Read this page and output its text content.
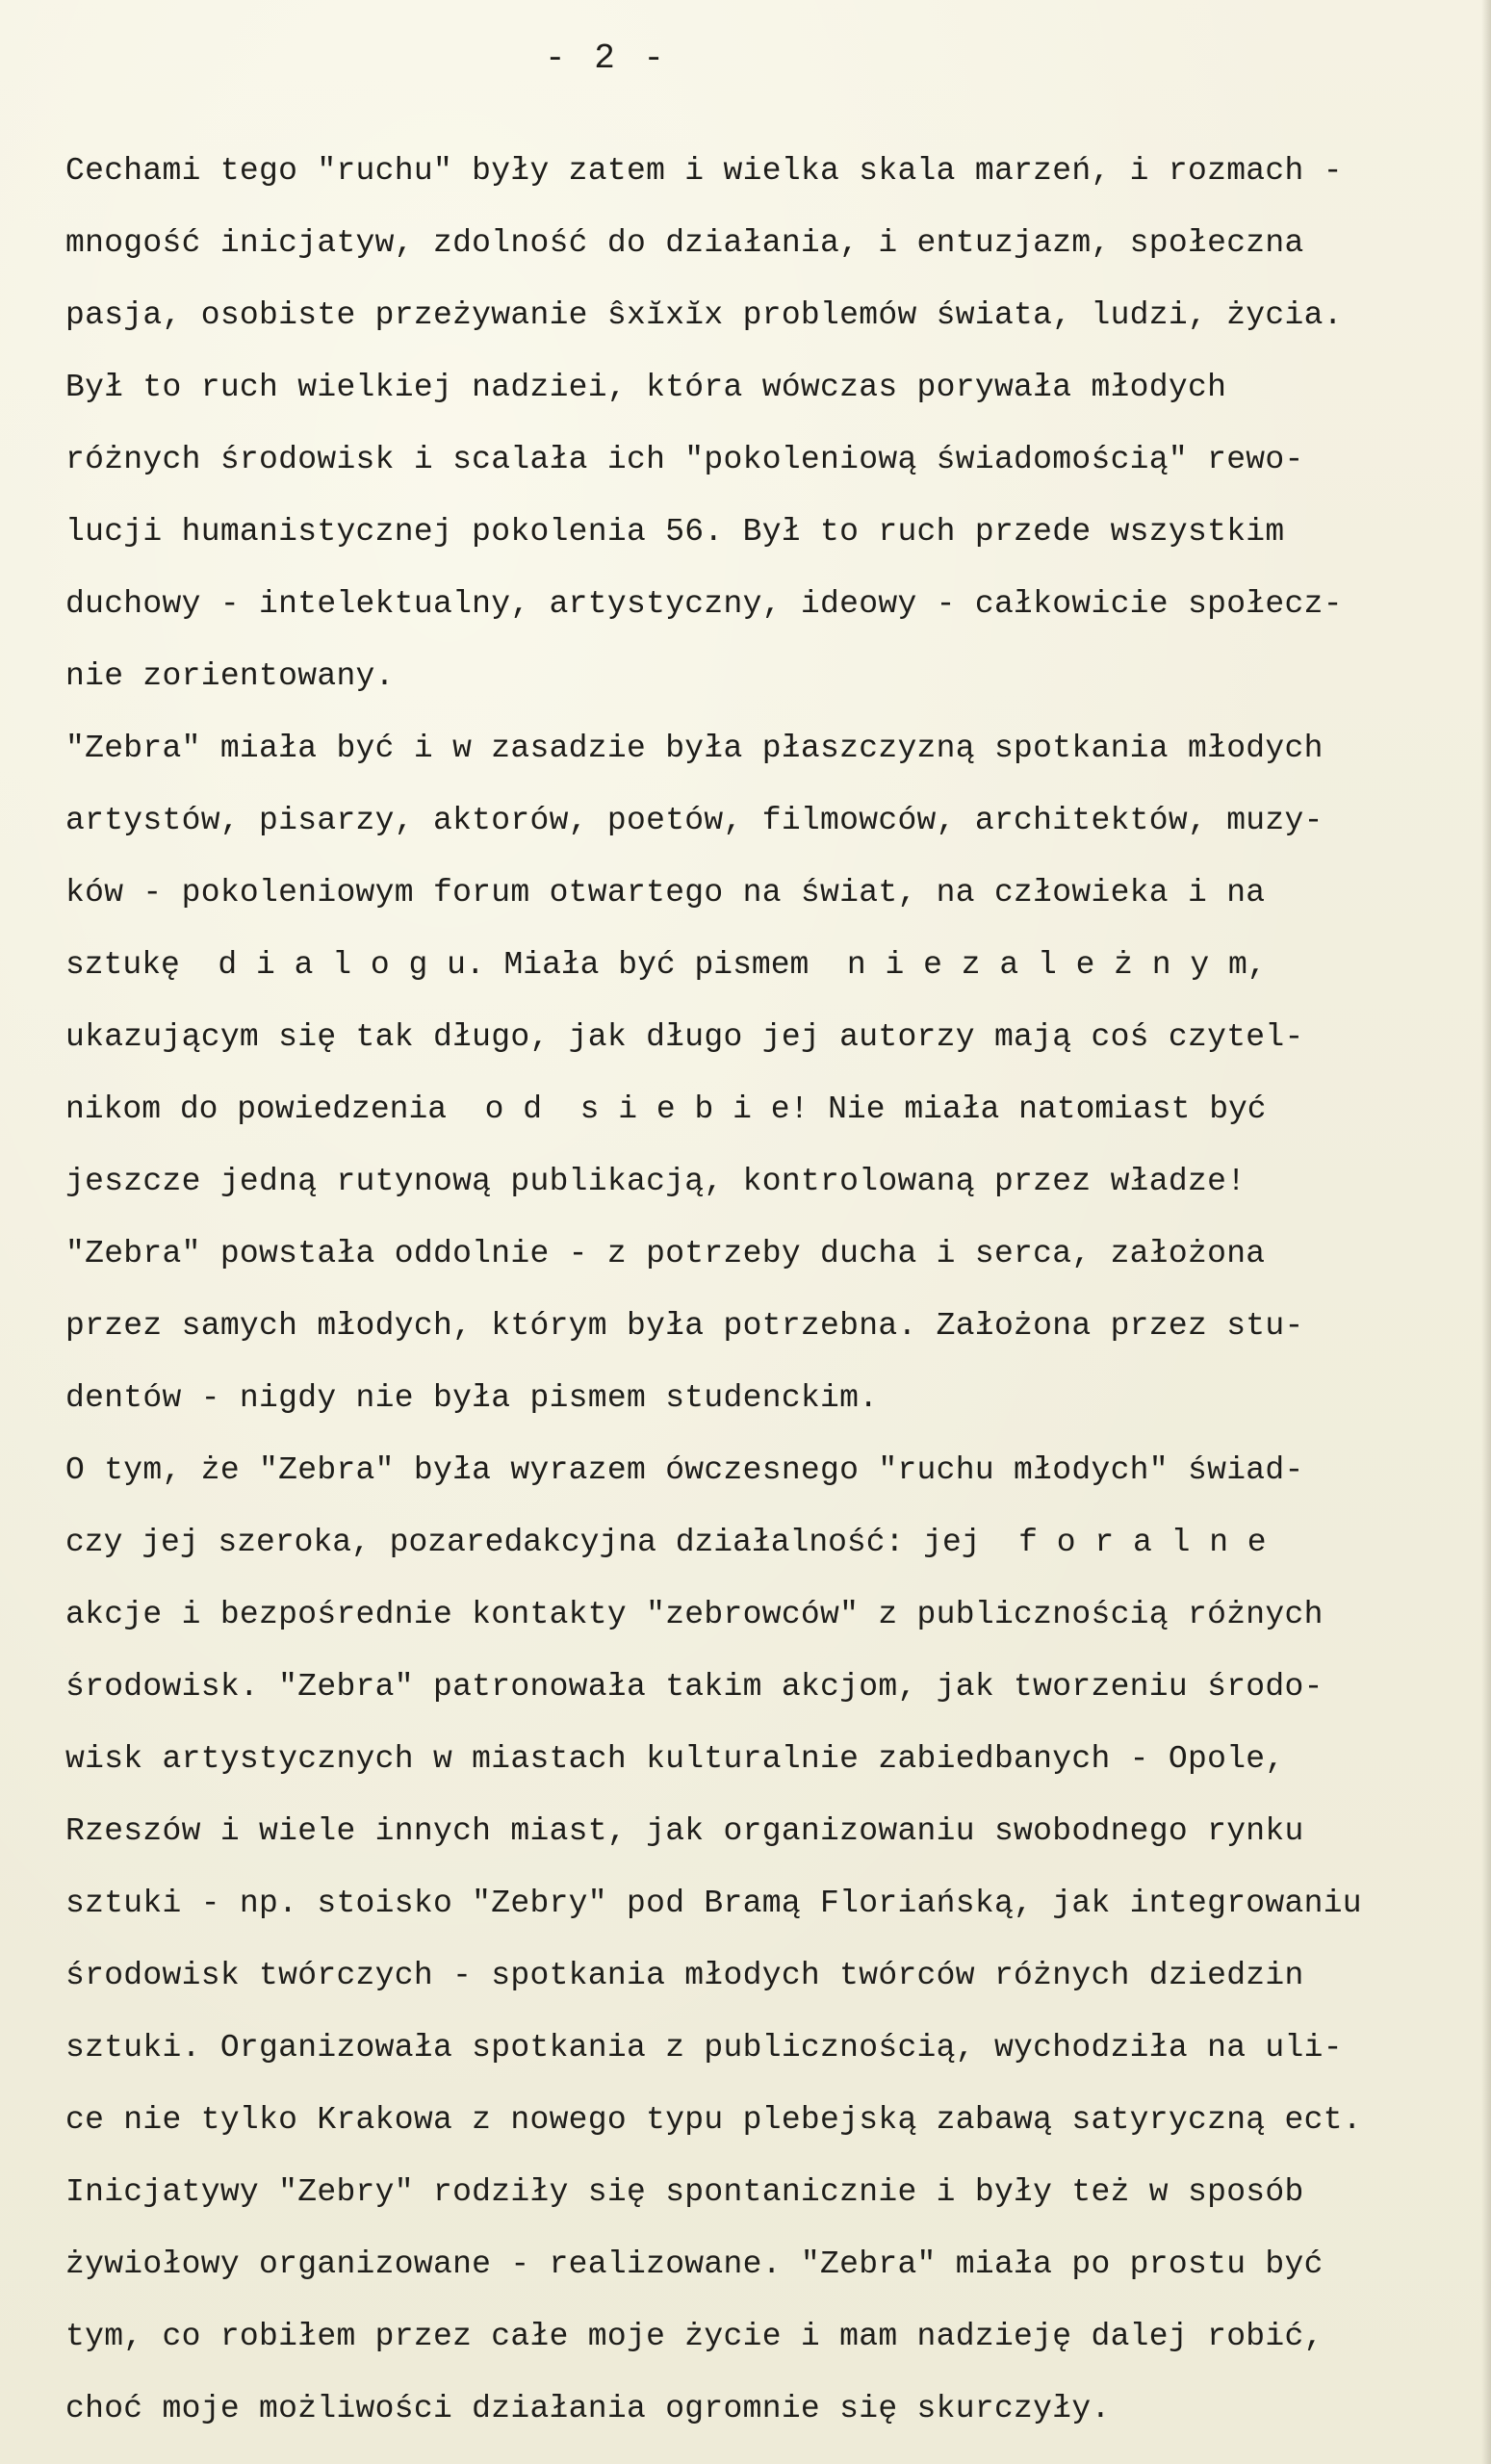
- 2 -
Cechami tego "ruchu" były zatem i wielka skala marzeń, i rozmach -
mnogość inicjatyw, zdolność do działania, i entuzjazm, społeczna
pasja, osobiste przeżywanie ŝxĭxĭx problemów świata, ludzi, życia.
Był to ruch wielkiej nadziei, która wówczas porywała młodych
różnych środowisk i scalała ich "pokoleniową świadomością" rewo-
lucji humanistycznej pokolenia 56. Był to ruch przede wszystkim
duchowy - intelektualny, artystyczny, ideowy - całkowicie społecz-
nie zorientowany.
"Zebra" miała być i w zasadzie była płaszczyzną spotkania młodych
artystów, pisarzy, aktorów, poetów, filmowców, architektów, muzy-
ków - pokoleniowym forum otwartego na świat, na człowieka i na
sztukę  d i a l o g u. Miała być pismem  n i e z a l e ż n y m,
ukazującym się tak długo, jak długo jej autorzy mają coś czytel-
nikom do powiedzenia  o d  s i e b i e! Nie miała natomiast być
jeszcze jedną rutynową publikacją, kontrolowaną przez władze!
"Zebra" powstała oddolnie - z potrzeby ducha i serca, założona
przez samych młodych, którym była potrzebna. Założona przez stu-
dentów - nigdy nie była pismem studenckim.
O tym, że "Zebra" była wyrazem ówczesnego "ruchu młodych" świad-
czy jej szeroka, pozaredakcyjna działalność: jej  f o r a l n e
akcje i bezpośrednie kontakty "zebrowców" z publicznością różnych
środowisk. "Zebra" patronowała takim akcjom, jak tworzeniu środo-
wisk artystycznych w miastach kulturalnie zabiedbanych - Opole,
Rzeszów i wiele innych miast, jak organizowaniu swobodnego rynku
sztuki - np. stoisko "Zebry" pod Bramą Floriańską, jak integrowaniu
środowisk twórczych - spotkania młodych twórców różnych dziedzin
sztuki. Organizowała spotkania z publicznością, wychodziła na uli-
ce nie tylko Krakowa z nowego typu plebejską zabawą satyryczną ect.
Inicjatywy "Zebry" rodziły się spontanicznie i były też w sposób
żywiołowy organizowane - realizowane. "Zebra" miała po prostu być
tym, co robiłem przez całe moje życie i mam nadzieję dalej robić,
choć moje możliwości działania ogromnie się skurczyły.
